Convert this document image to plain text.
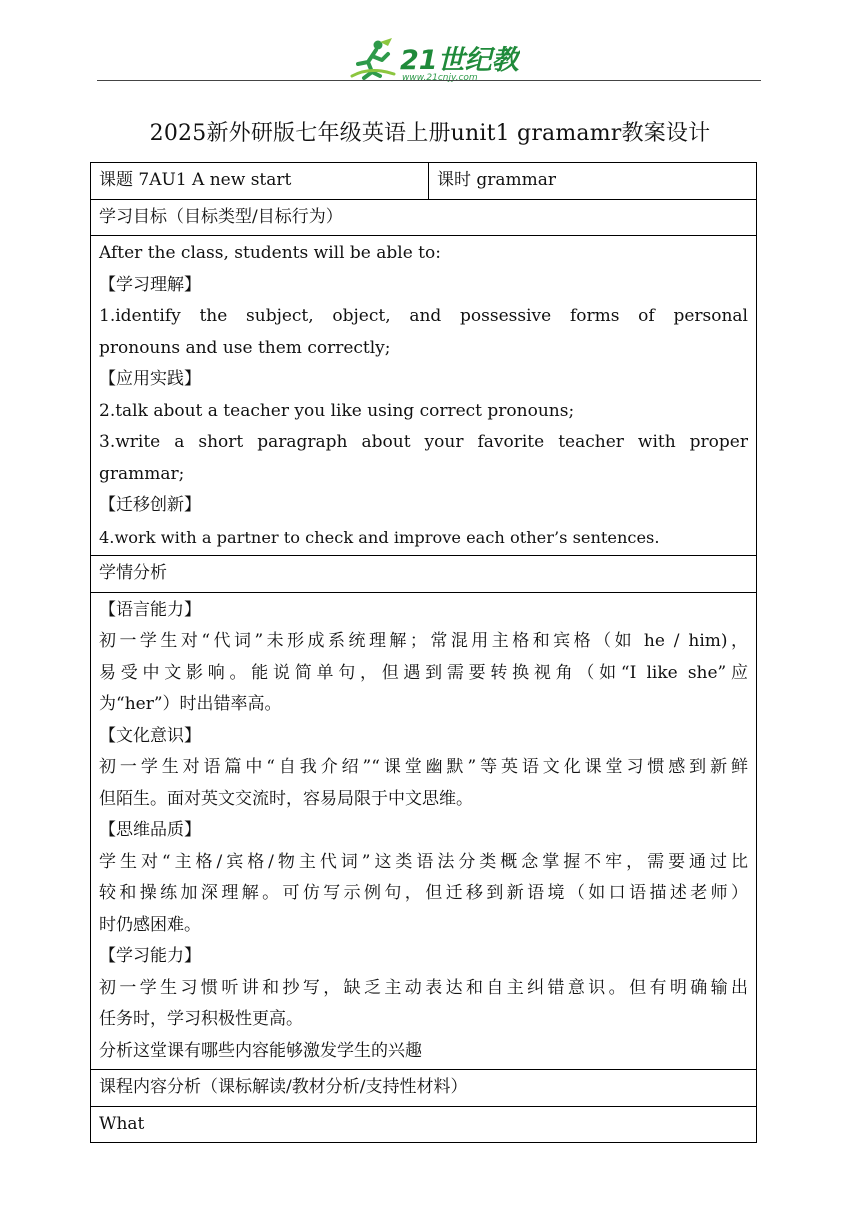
21世纪教
www.21cnjy.com
2025新外研版七年级英语上册unit1 gramamr教案设计
课题 7AU1 A new start	课时 grammar
学习目标（目标类型/目标行为）

After the class, students will be able to:

【学习理解】

1.identify the subject, object, and possessive forms of personal

pronouns and use them correctly;

【应用实践】

2.talk about a teacher you like using correct pronouns;

3.write a short paragraph about your favorite teacher with proper

grammar;

【迁移创新】

4.work with a partner to check and improve each other’s sentences.

学情分析

【语言能力】

初一学生对“代词”未形成系统理解；常混用主格和宾格（如 he / him)，

易受中文影响。能说简单句，但遇到需要转换视角（如“I like she”应

为“her”）时出错率高。

【文化意识】

初一学生对语篇中“自我介绍”“课堂幽默”等英语文化课堂习惯感到新鲜

但陌生。面对英文交流时，容易局限于中文思维。

【思维品质】

学生对“主格/宾格/物主代词”这类语法分类概念掌握不牢，需要通过比

较和操练加深理解。可仿写示例句，但迁移到新语境（如口语描述老师）

时仍感困难。

【学习能力】

初一学生习惯听讲和抄写，缺乏主动表达和自主纠错意识。但有明确输出

任务时，学习积极性更高。

分析这堂课有哪些内容能够激发学生的兴趣

课程内容分析（课标解读/教材分析/支持性材料）
What
